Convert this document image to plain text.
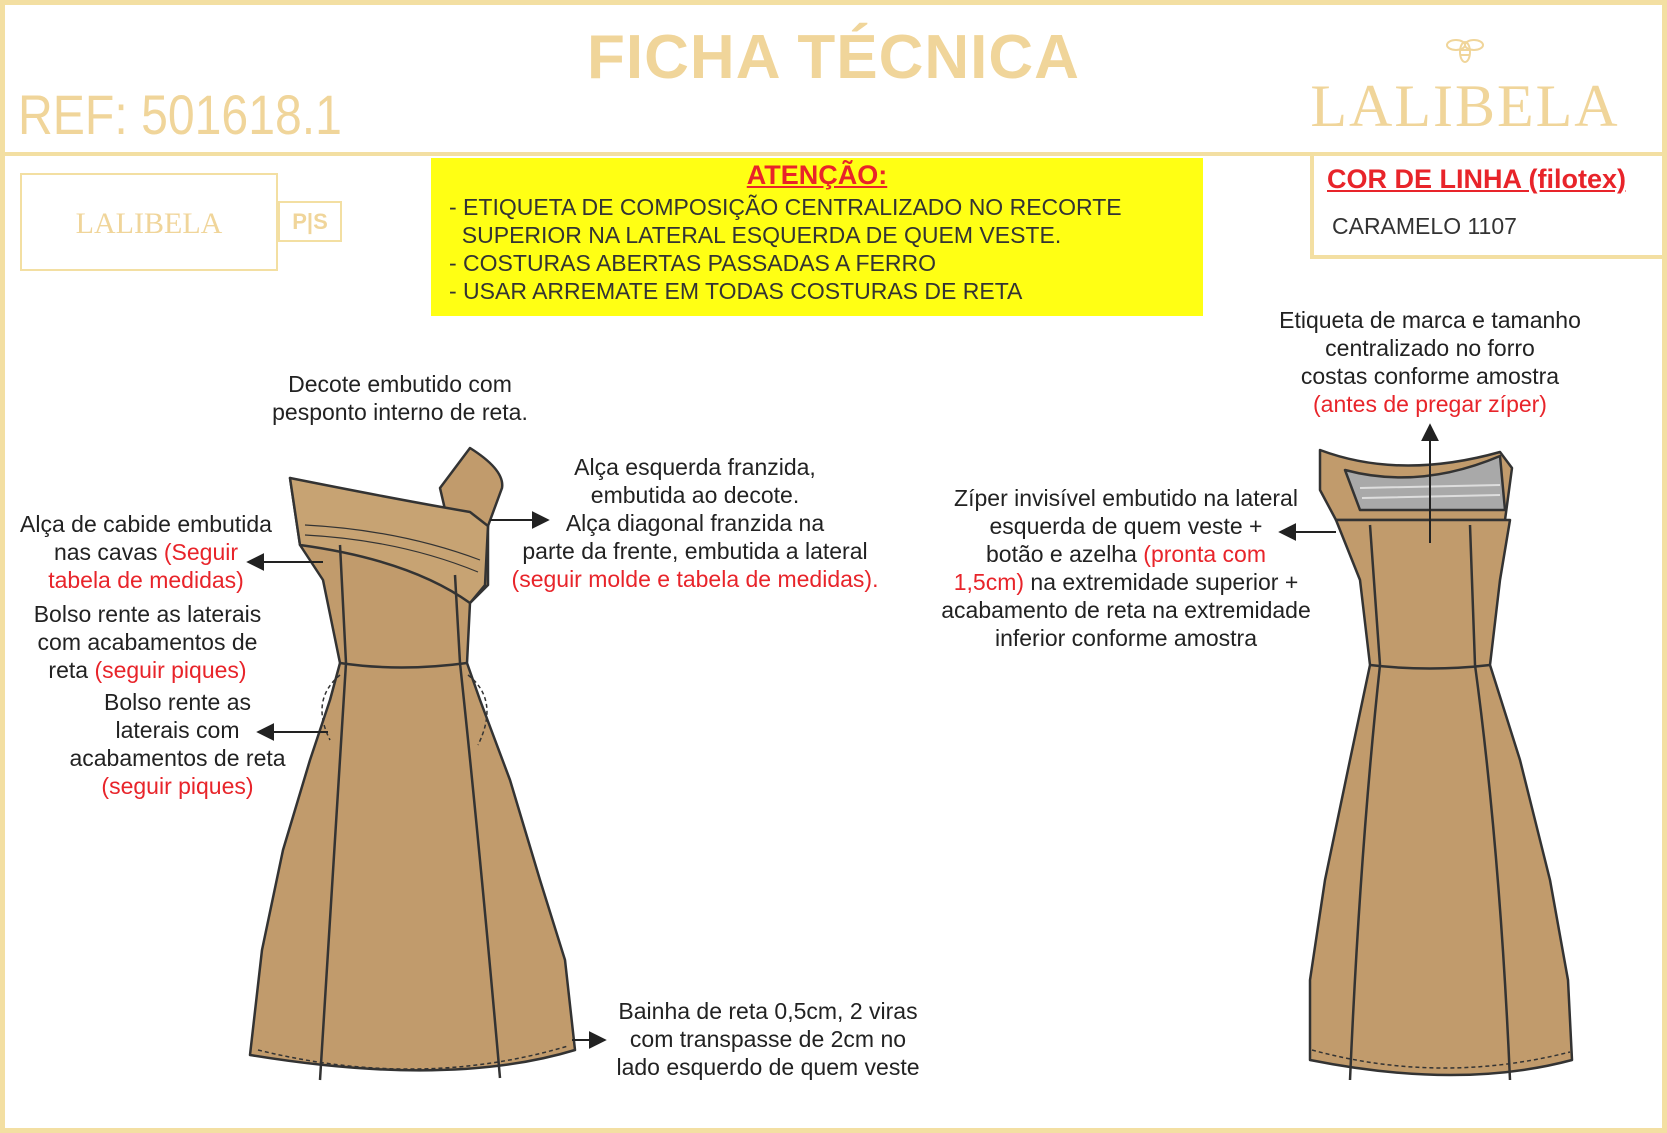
FICHA TÉCNICA
REF: 501618.1	LALIBELA
LALIBELA	P|S
ATENÇÃO:
- ETIQUETA DE COMPOSIÇÃO CENTRALIZADO NO RECORTE
SUPERIOR NA LATERAL ESQUERDA DE QUEM VESTE.
- COSTURAS ABERTAS PASSADAS A FERRO
- USAR ARREMATE EM TODAS COSTURAS DE RETA
COR DE LINHA (filotex)
CARAMELO 1107
Decote embutido com
pesponto interno de reta.
Alça de cabide embutida
nas cavas (Seguir
tabela de medidas)
Bolso rente as laterais
com acabamentos de
reta (seguir piques)
Bolso rente as
laterais com
acabamentos de reta
(seguir piques)
Alça esquerda franzida,
embutida ao decote.
Alça diagonal franzida na
parte da frente, embutida a lateral
(seguir molde e tabela de medidas).
Bainha de reta 0,5cm, 2 viras
com transpasse de 2cm no
lado esquerdo de quem veste
Etiqueta de marca e tamanho
centralizado no forro
costas conforme amostra
(antes de pregar zíper)
Zíper invisível embutido na lateral
esquerda de quem veste +
botão e azelha (pronta com
1,5cm) na extremidade superior +
acabamento de reta na extremidade
inferior conforme amostra
